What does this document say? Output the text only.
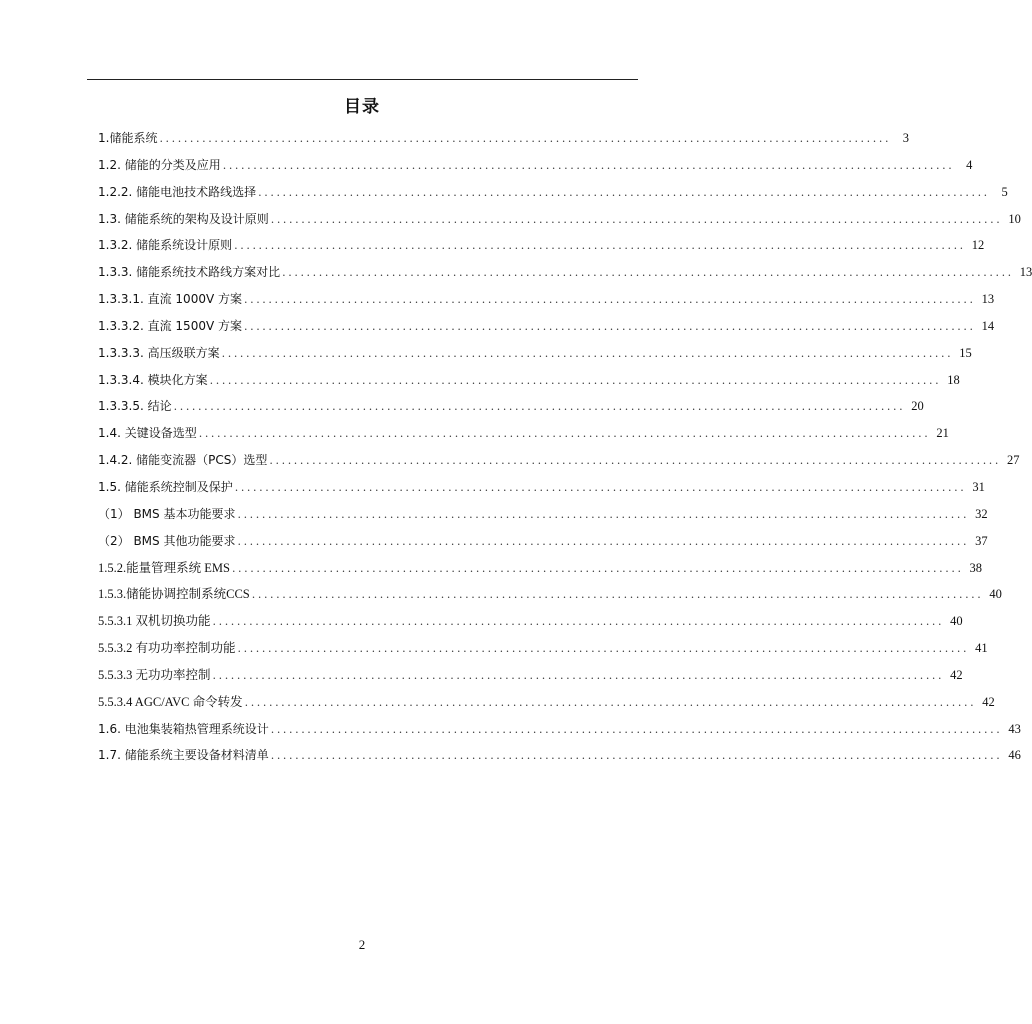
目录
1.储能系统 ........................................................................................................................ 3
1.2. 储能的分类及应用 ........................................................................................................................ 4
1.2.2. 储能电池技术路线选择 ........................................................................................................................ 5
1.3. 储能系统的架构及设计原则 ........................................................................................................................ 10
1.3.2. 储能系统设计原则 ........................................................................................................................ 12
1.3.3. 储能系统技术路线方案对比 ........................................................................................................................ 13
1.3.3.1. 直流 1000V 方案 ........................................................................................................................ 13
1.3.3.2. 直流 1500V 方案 ........................................................................................................................ 14
1.3.3.3. 高压级联方案 ........................................................................................................................ 15
1.3.3.4. 模块化方案 ........................................................................................................................ 18
1.3.3.5. 结论 ........................................................................................................................ 20
1.4. 关键设备选型 ........................................................................................................................ 21
1.4.2. 储能变流器（PCS）选型 ........................................................................................................................ 27
1.5. 储能系统控制及保护 ........................................................................................................................ 31
（1） BMS 基本功能要求 ........................................................................................................................ 32
（2） BMS 其他功能要求 ........................................................................................................................ 37
1.5.2.能量管理系统 EMS ........................................................................................................................ 38
1.5.3.储能协调控制系统CCS ........................................................................................................................ 40
5.5.3.1 双机切换功能 ........................................................................................................................ 40
5.5.3.2 有功功率控制功能 ........................................................................................................................ 41
5.5.3.3 无功功率控制 ........................................................................................................................ 42
5.5.3.4 AGC/AVC 命令转发 ........................................................................................................................ 42
1.6. 电池集装箱热管理系统设计 ........................................................................................................................ 43
1.7. 储能系统主要设备材料清单 ........................................................................................................................ 46
2
